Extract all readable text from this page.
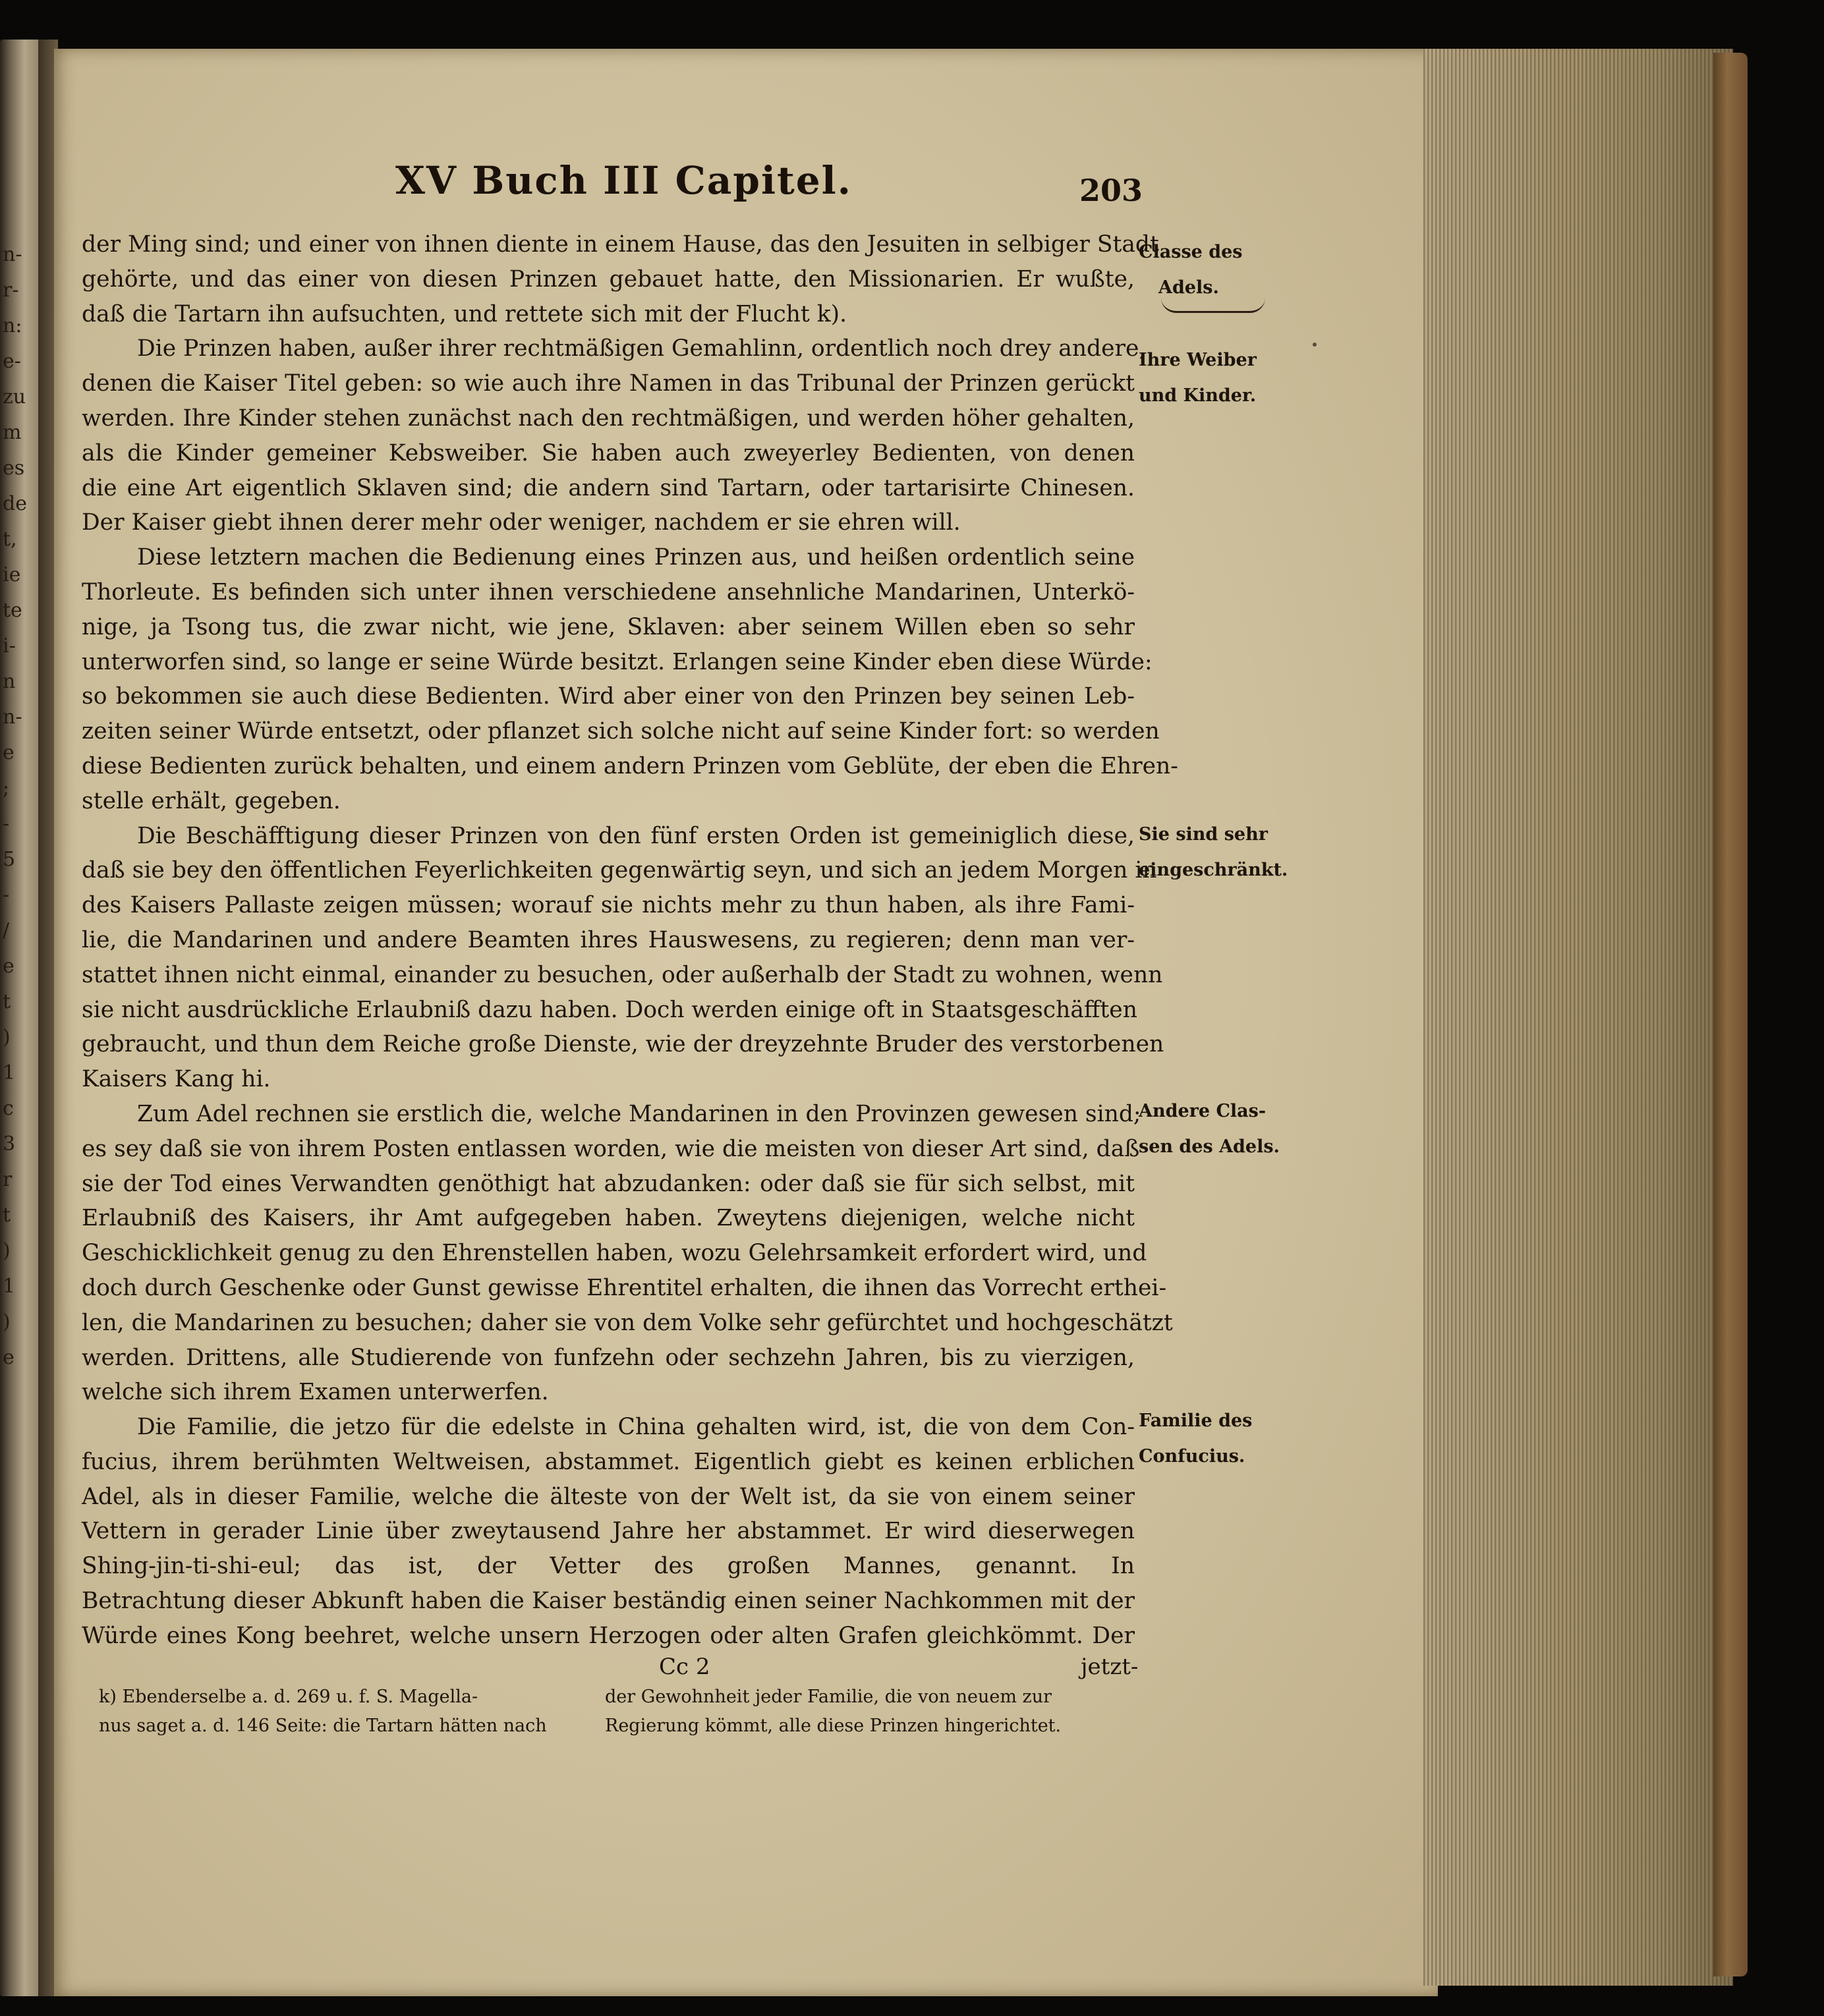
n-
r-
n:
e-
zu
m
es
de
t,
ie
te
i-
n
n-
e
;
-
5
-
/
e
t
)
1
c
3
r
t
)
1
)
e
XV Buch III Capitel.	203
der Ming sind; und einer von ihnen diente in einem Hause, das den Jesuiten in selbiger Stadt
gehörte, und das einer von diesen Prinzen gebauet hatte, den Missionarien. Er wußte,
daß die Tartarn ihn aufsuchten, und rettete sich mit der Flucht k).
Die Prinzen haben, außer ihrer rechtmäßigen Gemahlinn, ordentlich noch drey andere,
denen die Kaiser Titel geben: so wie auch ihre Namen in das Tribunal der Prinzen gerückt
werden. Ihre Kinder stehen zunächst nach den rechtmäßigen, und werden höher gehalten,
als die Kinder gemeiner Kebsweiber. Sie haben auch zweyerley Bedienten, von denen
die eine Art eigentlich Sklaven sind; die andern sind Tartarn, oder tartarisirte Chinesen.
Der Kaiser giebt ihnen derer mehr oder weniger, nachdem er sie ehren will.
Diese letztern machen die Bedienung eines Prinzen aus, und heißen ordentlich seine
Thorleute. Es befinden sich unter ihnen verschiedene ansehnliche Mandarinen, Unterkö-
nige, ja Tsong tus, die zwar nicht, wie jene, Sklaven: aber seinem Willen eben so sehr
unterworfen sind, so lange er seine Würde besitzt. Erlangen seine Kinder eben diese Würde:
so bekommen sie auch diese Bedienten. Wird aber einer von den Prinzen bey seinen Leb-
zeiten seiner Würde entsetzt, oder pflanzet sich solche nicht auf seine Kinder fort: so werden
diese Bedienten zurück behalten, und einem andern Prinzen vom Geblüte, der eben die Ehren-
stelle erhält, gegeben.
Die Beschäfftigung dieser Prinzen von den fünf ersten Orden ist gemeiniglich diese,
daß sie bey den öffentlichen Feyerlichkeiten gegenwärtig seyn, und sich an jedem Morgen in
des Kaisers Pallaste zeigen müssen; worauf sie nichts mehr zu thun haben, als ihre Fami-
lie, die Mandarinen und andere Beamten ihres Hauswesens, zu regieren; denn man ver-
stattet ihnen nicht einmal, einander zu besuchen, oder außerhalb der Stadt zu wohnen, wenn
sie nicht ausdrückliche Erlaubniß dazu haben. Doch werden einige oft in Staatsgeschäfften
gebraucht, und thun dem Reiche große Dienste, wie der dreyzehnte Bruder des verstorbenen
Kaisers Kang hi.
Zum Adel rechnen sie erstlich die, welche Mandarinen in den Provinzen gewesen sind;
es sey daß sie von ihrem Posten entlassen worden, wie die meisten von dieser Art sind, daß
sie der Tod eines Verwandten genöthigt hat abzudanken: oder daß sie für sich selbst, mit
Erlaubniß des Kaisers, ihr Amt aufgegeben haben. Zweytens diejenigen, welche nicht
Geschicklichkeit genug zu den Ehrenstellen haben, wozu Gelehrsamkeit erfordert wird, und
doch durch Geschenke oder Gunst gewisse Ehrentitel erhalten, die ihnen das Vorrecht erthei-
len, die Mandarinen zu besuchen; daher sie von dem Volke sehr gefürchtet und hochgeschätzt
werden. Drittens, alle Studierende von funfzehn oder sechzehn Jahren, bis zu vierzigen,
welche sich ihrem Examen unterwerfen.
Die Familie, die jetzo für die edelste in China gehalten wird, ist, die von dem Con-
fucius, ihrem berühmten Weltweisen, abstammet. Eigentlich giebt es keinen erblichen
Adel, als in dieser Familie, welche die älteste von der Welt ist, da sie von einem seiner
Vettern in gerader Linie über zweytausend Jahre her abstammet. Er wird dieserwegen
Shing-jin-ti-shi-eul; das ist, der Vetter des großen Mannes, genannt. In
Betrachtung dieser Abkunft haben die Kaiser beständig einen seiner Nachkommen mit der
Würde eines Kong beehret, welche unsern Herzogen oder alten Grafen gleichkömmt. Der
Classe des
Adels.
Ihre Weiber
und Kinder.
Sie sind sehr
eingeschränkt.
Andere Clas-
sen des Adels.
Familie des
Confucius.
Cc 2	jetzt-
k) Ebenderselbe a. d. 269 u. f. S. Magella-
nus saget a. d. 146 Seite: die Tartarn hätten nach
der Gewohnheit jeder Familie, die von neuem zur
Regierung kömmt, alle diese Prinzen hingerichtet.
